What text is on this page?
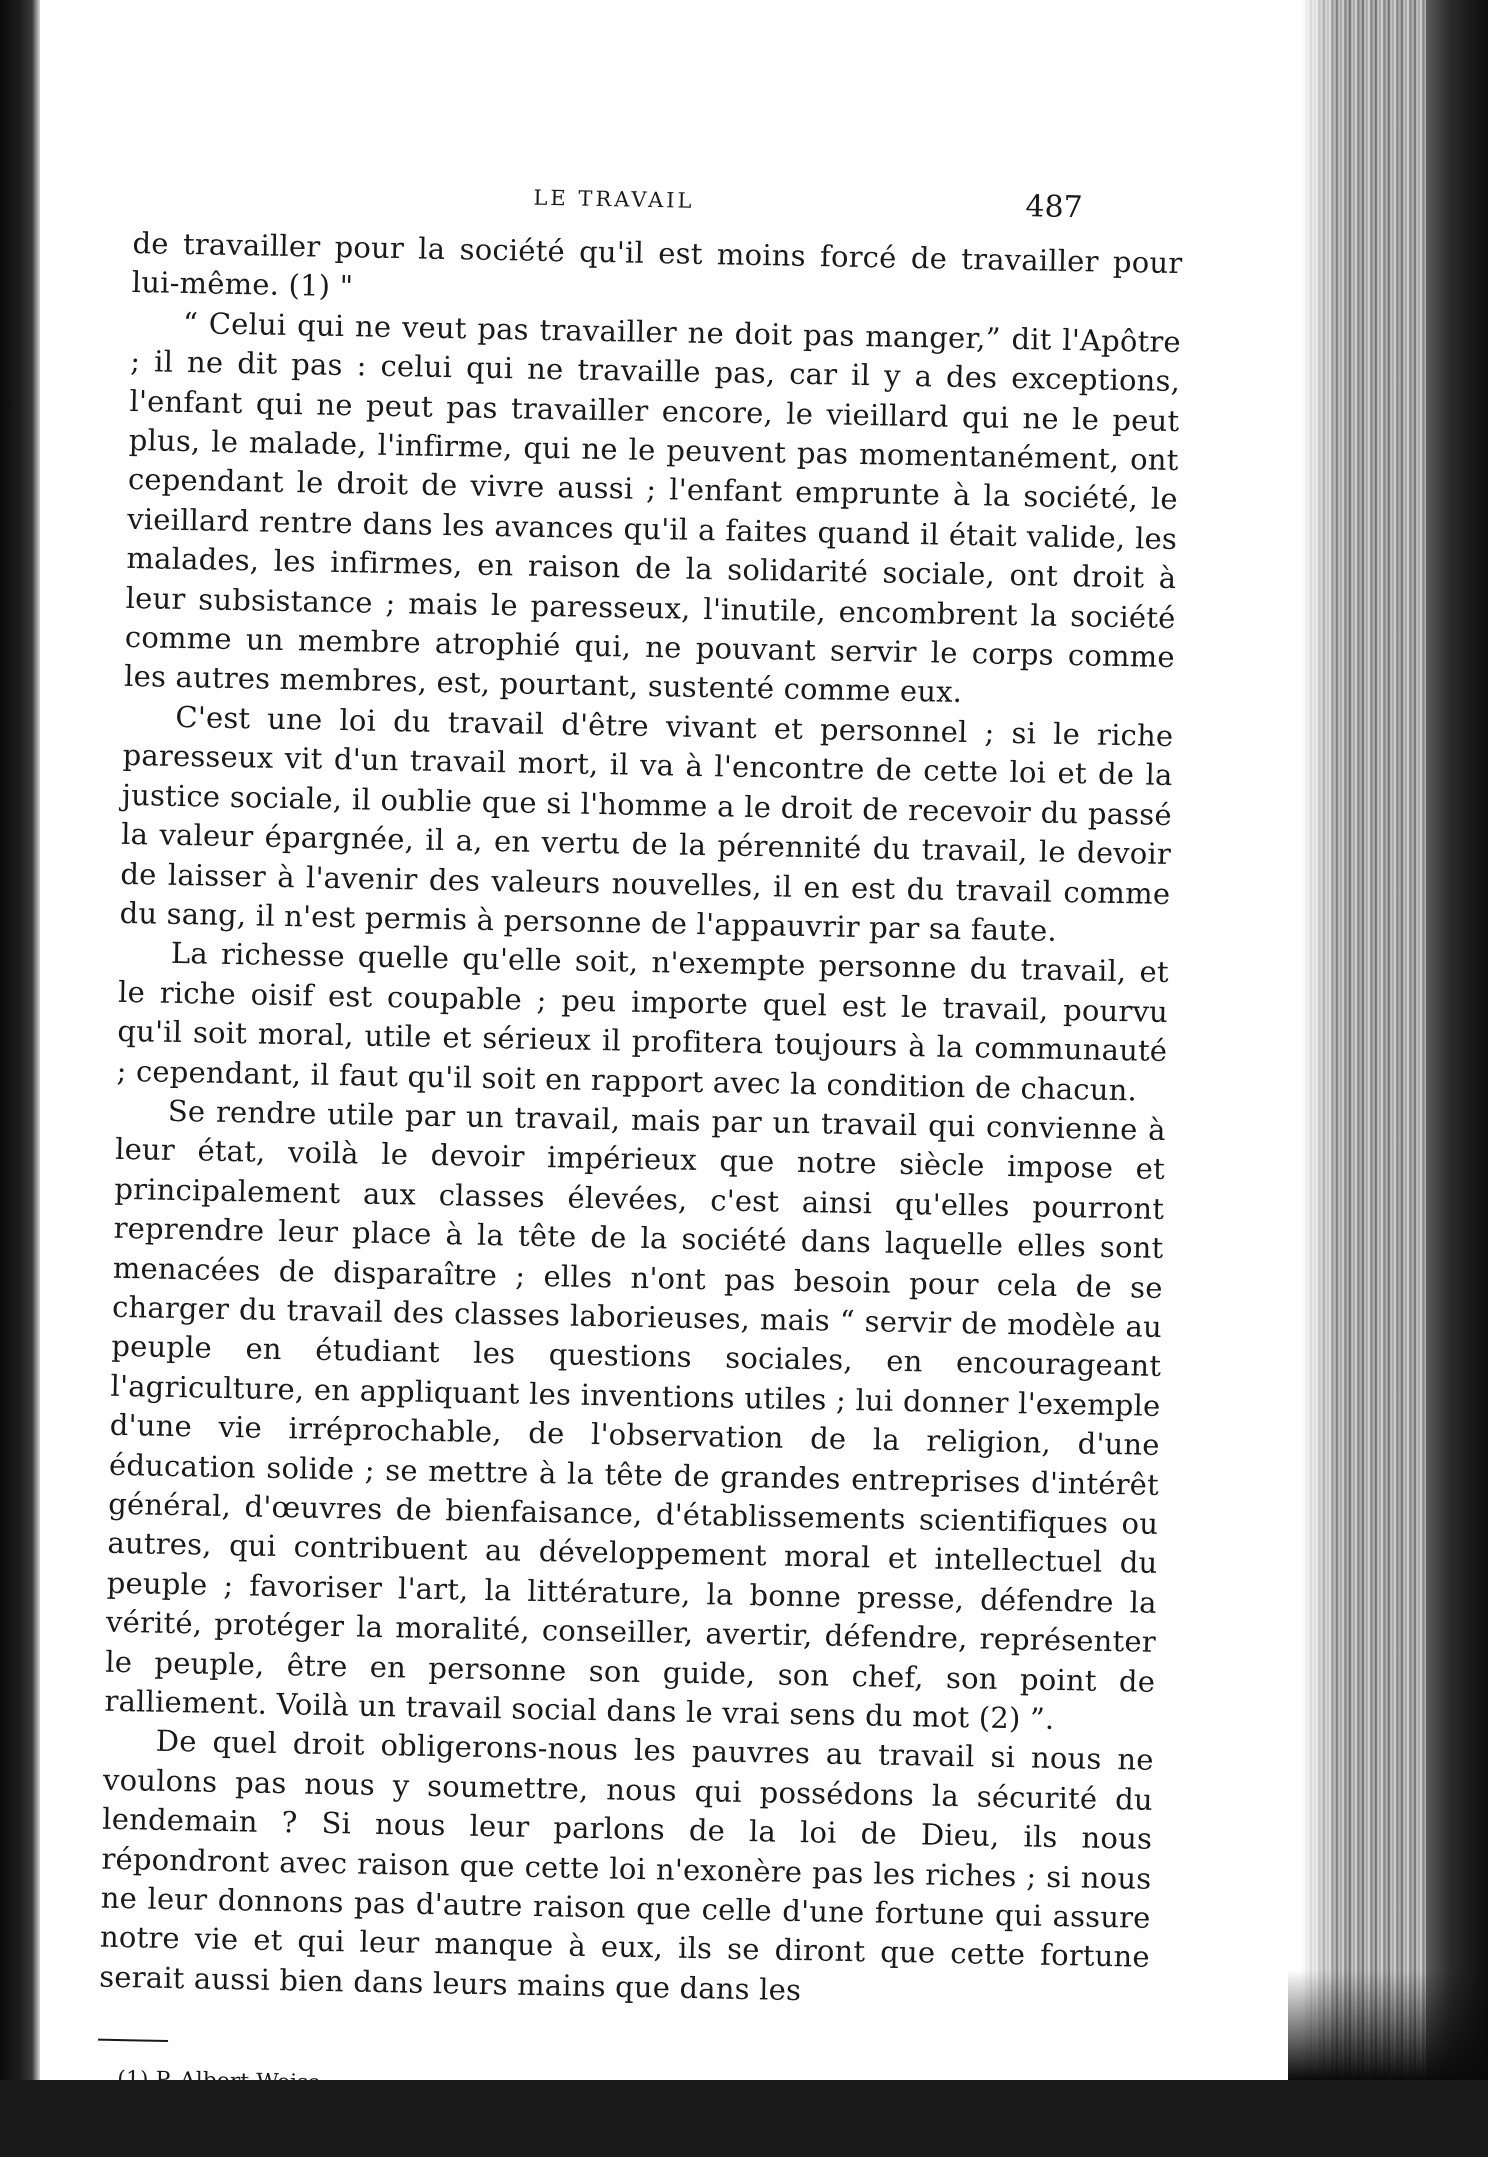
LE TRAVAIL	487

de travailler pour la société qu'il est moins forcé de travailler pour lui-même. (1) "

“ Celui qui ne veut pas travailler ne doit pas manger,” dit l'Apôtre ; il ne dit pas : celui qui ne travaille pas, car il y a des exceptions, l'enfant qui ne peut pas travailler encore, le vieillard qui ne le peut plus, le malade, l'infirme, qui ne le peuvent pas momentanément, ont cependant le droit de vivre aussi ; l'enfant emprunte à la société, le vieillard rentre dans les avances qu'il a faites quand il était valide, les malades, les infirmes, en raison de la solidarité sociale, ont droit à leur subsistance ; mais le paresseux, l'inutile, encombrent la société comme un membre atrophié qui, ne pouvant servir le corps comme les autres membres, est, pourtant, sustenté comme eux.

C'est une loi du travail d'être vivant et personnel ; si le riche paresseux vit d'un travail mort, il va à l'encontre de cette loi et de la justice sociale, il oublie que si l'homme a le droit de recevoir du passé la valeur épargnée, il a, en vertu de la pérennité du travail, le devoir de laisser à l'avenir des valeurs nouvelles, il en est du travail comme du sang, il n'est permis à personne de l'appauvrir par sa faute.

La richesse quelle qu'elle soit, n'exempte personne du travail, et le riche oisif est coupable ; peu importe quel est le travail, pourvu qu'il soit moral, utile et sérieux il profitera toujours à la communauté ; cependant, il faut qu'il soit en rapport avec la condition de chacun.

Se rendre utile par un travail, mais par un travail qui convienne à leur état, voilà le devoir impérieux que notre siècle impose et principalement aux classes élevées, c'est ainsi qu'elles pourront reprendre leur place à la tête de la société dans laquelle elles sont menacées de disparaître ; elles n'ont pas besoin pour cela de se charger du travail des classes laborieuses, mais “ servir de modèle au peuple en étudiant les questions sociales, en encourageant l'agriculture, en appliquant les inventions utiles ; lui donner l'exemple d'une vie irréprochable, de l'observation de la religion, d'une éducation solide ; se mettre à la tête de grandes entreprises d'intérêt général, d'œuvres de bienfaisance, d'établissements scientifiques ou autres, qui contribuent au développement moral et intellectuel du peuple ; favoriser l'art, la littérature, la bonne presse, défendre la vérité, protéger la moralité, conseiller, avertir, défendre, représenter le peuple, être en personne son guide, son chef, son point de ralliement. Voilà un travail social dans le vrai sens du mot (2) ”.

De quel droit obligerons-nous les pauvres au travail si nous ne voulons pas nous y soumettre, nous qui possédons la sécurité du lendemain ? Si nous leur parlons de la loi de Dieu, ils nous répondront avec raison que cette loi n'exonère pas les riches ; si nous ne leur donnons pas d'autre raison que celle d'une fortune qui assure notre vie et qui leur manque à eux, ils se diront que cette fortune serait aussi bien dans leurs mains que dans les

(1) P. Albert Weiss.
(2) P. Albert Weiss.
